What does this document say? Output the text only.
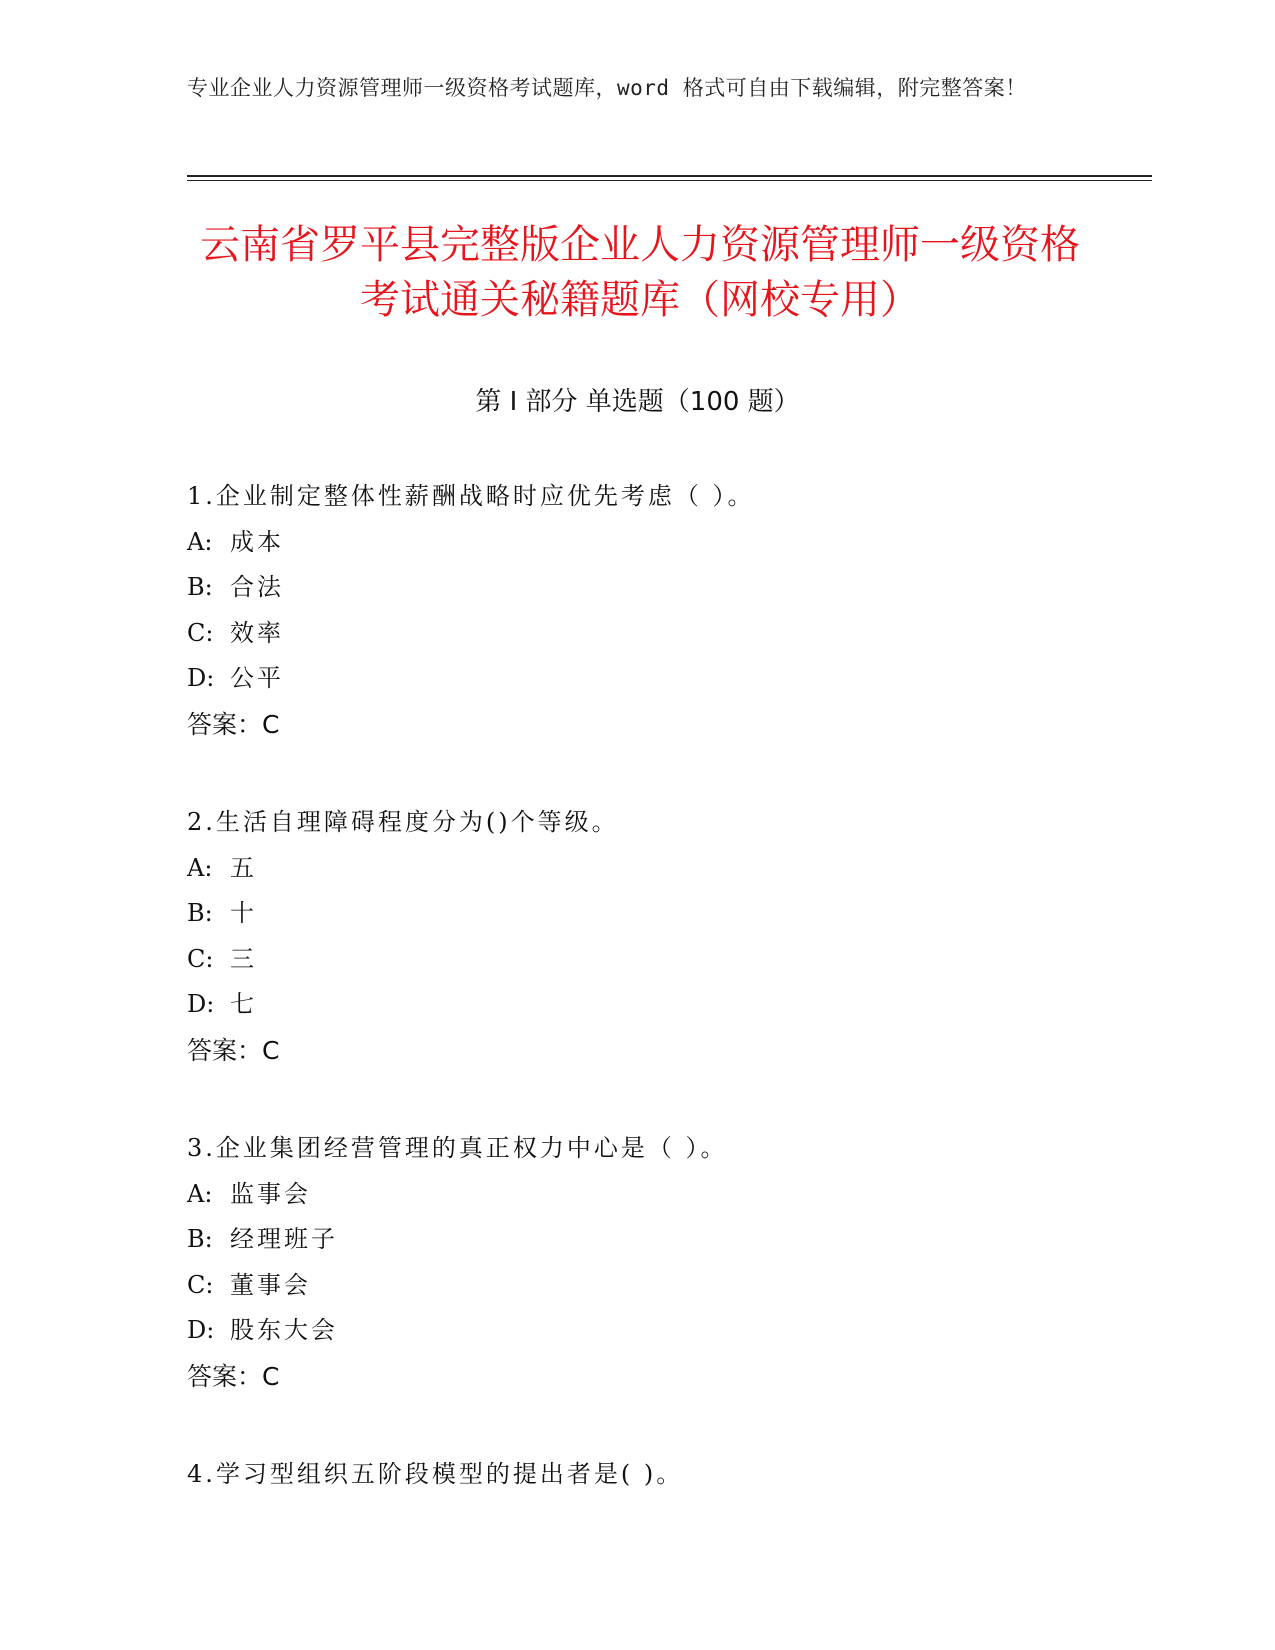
专业企业人力资源管理师一级资格考试题库，word 格式可自由下载编辑，附完整答案！
云南省罗平县完整版企业人力资源管理师一级资格考试通关秘籍题库（网校专用）
第 I 部分 单选题（100 题）
1.企业制定整体性薪酬战略时应优先考虑（ ）。
A: 成本
B: 合法
C: 效率
D: 公平
答案：C
2.生活自理障碍程度分为()个等级。
A: 五
B: 十
C: 三
D: 七
答案：C
3.企业集团经营管理的真正权力中心是（ ）。
A: 监事会
B: 经理班子
C: 董事会
D: 股东大会
答案：C
4.学习型组织五阶段模型的提出者是( )。
